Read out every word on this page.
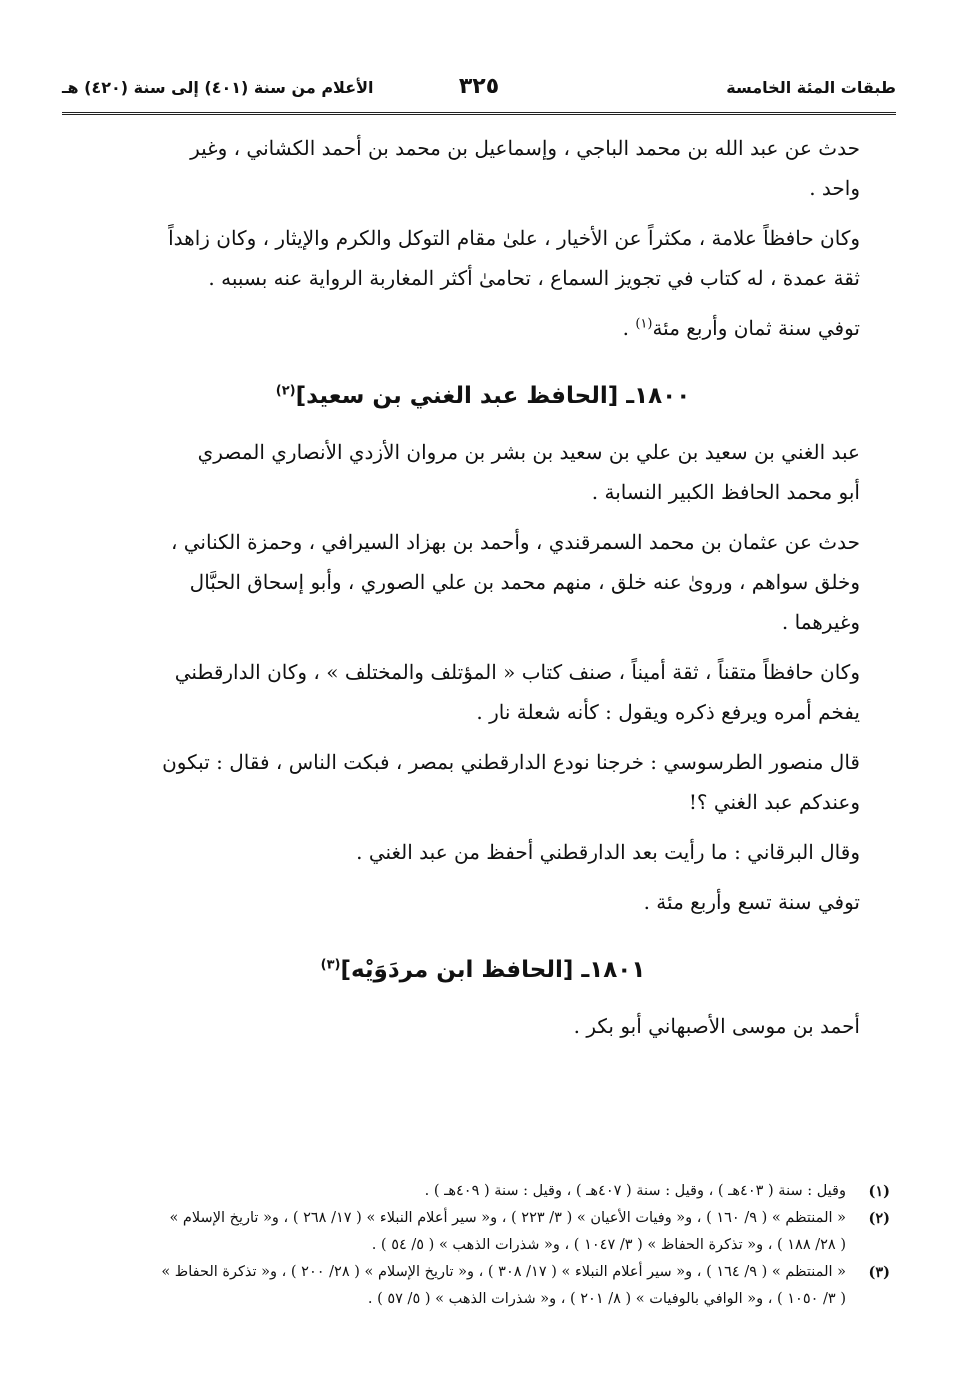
طبقات المئة الخامسة
٣٢٥
الأعلام من سنة (٤٠١) إلى سنة (٤٢٠) هـ

حدث عن عبد الله بن محمد الباجي ، وإسماعيل بن محمد بن أحمد الكشاني ، وغير
واحد .

وكان حافظاً علامة ، مكثراً عن الأخيار ، علىٰ مقام التوكل والكرم والإيثار ، وكان زاهداً
ثقة عمدة ، له كتاب في تجويز السماع ، تحامىٰ أكثر المغاربة الرواية عنه بسببه .

توفي سنة ثمان وأربع مئة$^{(١)}$ .

١٨٠٠ـ [الحافظ عبد الغني بن سعيد]$^{(٢)}$

عبد الغني بن سعيد بن علي بن سعيد بن بشر بن مروان الأزدي الأنصاري المصري
أبو محمد الحافظ الكبير النسابة .

حدث عن عثمان بن محمد السمرقندي ، وأحمد بن بهزاد السيرافي ، وحمزة الكناني ،
وخلق سواهم ، وروىٰ عنه خلق ، منهم محمد بن علي الصوري ، وأبو إسحاق الحبَّال
وغيرهما .

وكان حافظاً متقناً ، ثقة أميناً ، صنف كتاب « المؤتلف والمختلف » ، وكان الدارقطني
يفخم أمره ويرفع ذكره ويقول : كأنه شعلة نار .

قال منصور الطرسوسي : خرجنا نودع الدارقطني بمصر ، فبكت الناس ، فقال : تبكون
وعندكم عبد الغني ؟!

وقال البرقاني : ما رأيت بعد الدارقطني أحفظ من عبد الغني .

توفي سنة تسع وأربع مئة .

١٨٠١ـ [الحافظ ابن مردَوَيْه]$^{(٣)}$

أحمد بن موسى الأصبهاني أبو بكر .

(١)
وقيل : سنة ( ٤٠٣هـ ) ، وقيل : سنة ( ٤٠٧هـ ) ، وقيل : سنة ( ٤٠٩هـ ) .
(٢)
« المنتظم » ( ٩/ ١٦٠ ) ، و« وفيات الأعيان » ( ٣/ ٢٢٣ ) ، و« سير أعلام النبلاء » ( ١٧/ ٢٦٨ ) ، و« تاريخ الإسلام »
( ٢٨/ ١٨٨ ) ، و« تذكرة الحفاظ » ( ٣/ ١٠٤٧ ) ، و« شذرات الذهب » ( ٥/ ٥٤ ) .
(٣)
« المنتظم » ( ٩/ ١٦٤ ) ، و« سير أعلام النبلاء » ( ١٧/ ٣٠٨ ) ، و« تاريخ الإسلام » ( ٢٨/ ٢٠٠ ) ، و« تذكرة الحفاظ »
( ٣/ ١٠٥٠ ) ، و« الوافي بالوفيات » ( ٨/ ٢٠١ ) ، و« شذرات الذهب » ( ٥/ ٥٧ ) .
